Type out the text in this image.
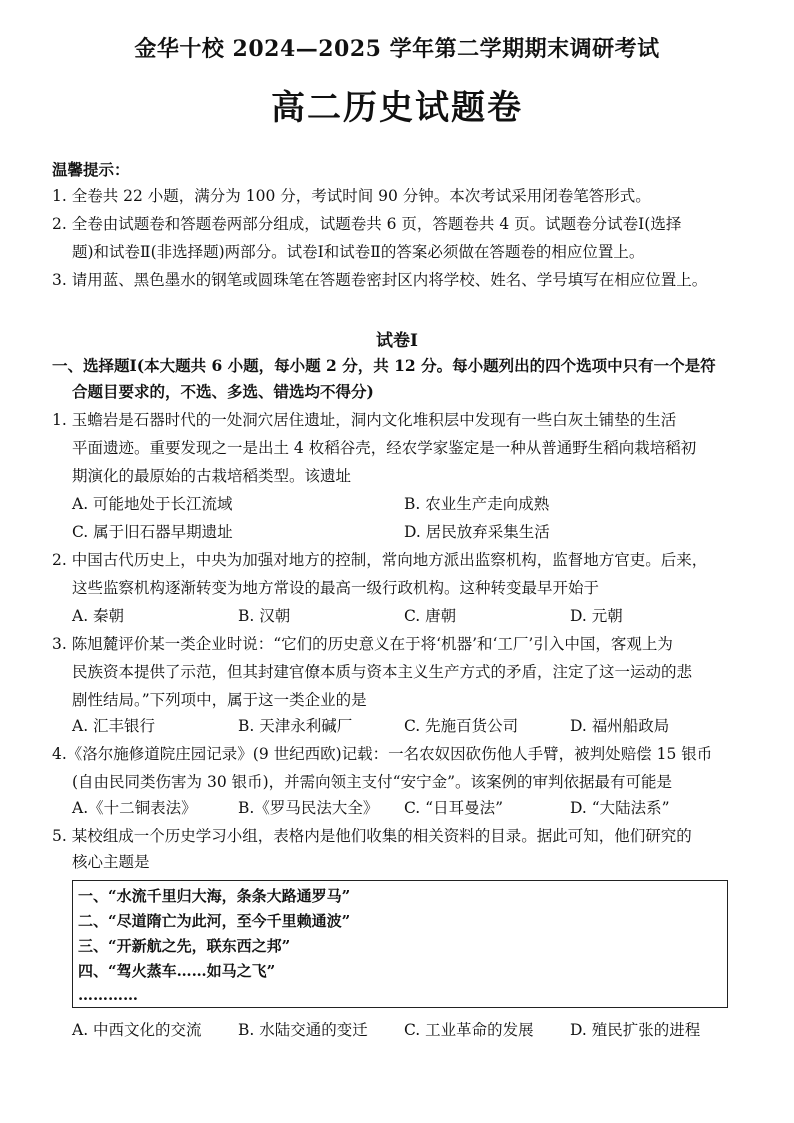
金华十校 2024—2025 学年第二学期期末调研考试
高二历史试题卷
温馨提示：
1. 全卷共 22 小题，满分为 100 分，考试时间 90 分钟。本次考试采用闭卷笔答形式。
2. 全卷由试题卷和答题卷两部分组成，试题卷共 6 页，答题卷共 4 页。试题卷分试卷Ⅰ(选择
题)和试卷Ⅱ(非选择题)两部分。试卷Ⅰ和试卷Ⅱ的答案必须做在答题卷的相应位置上。
3. 请用蓝、黑色墨水的钢笔或圆珠笔在答题卷密封区内将学校、姓名、学号填写在相应位置上。
试卷Ⅰ
一、选择题Ⅰ(本大题共 6 小题，每小题 2 分，共 12 分。每小题列出的四个选项中只有一个是符
合题目要求的，不选、多选、错选均不得分)
1. 玉蟾岩是石器时代的一处洞穴居住遗址，洞内文化堆积层中发现有一些白灰土铺垫的生活
平面遗迹。重要发现之一是出土 4 枚稻谷壳，经农学家鉴定是一种从普通野生稻向栽培稻初
期演化的最原始的古栽培稻类型。该遗址
A. 可能地处于长江流域	B. 农业生产走向成熟
C. 属于旧石器早期遗址	D. 居民放弃采集生活
2. 中国古代历史上，中央为加强对地方的控制，常向地方派出监察机构，监督地方官吏。后来，
这些监察机构逐渐转变为地方常设的最高一级行政机构。这种转变最早开始于
A. 秦朝	B. 汉朝	C. 唐朝	D. 元朝
3. 陈旭麓评价某一类企业时说：“它们的历史意义在于将‘机器’和‘工厂’引入中国，客观上为
民族资本提供了示范，但其封建官僚本质与资本主义生产方式的矛盾，注定了这一运动的悲
剧性结局。”下列项中，属于这一类企业的是
A. 汇丰银行	B. 天津永利碱厂	C. 先施百货公司	D. 福州船政局
4.《洛尔施修道院庄园记录》(9 世纪西欧)记载：一名农奴因砍伤他人手臂，被判处赔偿 15 银币
(自由民同类伤害为 30 银币)，并需向领主支付“安宁金”。该案例的审判依据最有可能是
A.《十二铜表法》	B.《罗马民法大全》 C. “日耳曼法”	D. “大陆法系”
5. 某校组成一个历史学习小组，表格内是他们收集的相关资料的目录。据此可知，他们研究的
核心主题是
一、“水流千里归大海，条条大路通罗马”
二、“尽道隋亡为此河，至今千里赖通波”
三、“开新航之先，联东西之邦”
四、“驾火蒸车……如马之飞”
…………
A. 中西文化的交流 B. 水陆交通的变迁 C. 工业革命的发展 D. 殖民扩张的进程
